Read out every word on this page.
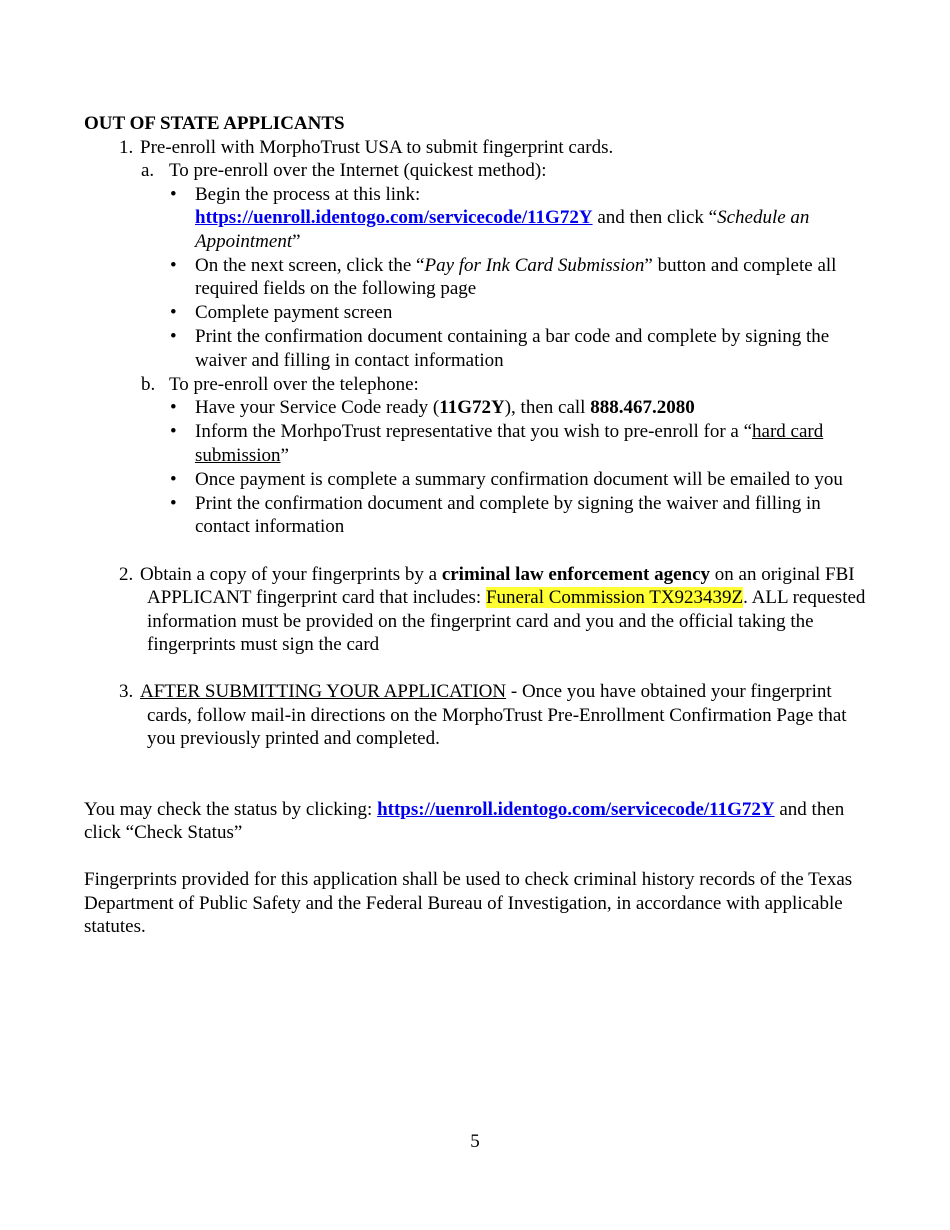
OUT OF STATE APPLICANTS

1. Pre-enroll with MorphoTrust USA to submit fingerprint cards.
a. To pre-enroll over the Internet (quickest method):
• Begin the process at this link:
https://uenroll.identogo.com/servicecode/11G72Y and then click “Schedule an Appointment”
• On the next screen, click the “Pay for Ink Card Submission” button and complete all required fields on the following page
• Complete payment screen
• Print the confirmation document containing a bar code and complete by signing the waiver and filling in contact information
b. To pre-enroll over the telephone:
• Have your Service Code ready (11G72Y), then call 888.467.2080
• Inform the MorhpoTrust representative that you wish to pre-enroll for a “hard card submission”
• Once payment is complete a summary confirmation document will be emailed to you
• Print the confirmation document and complete by signing the waiver and filling in contact information
2. Obtain a copy of your fingerprints by a criminal law enforcement agency on an original FBI APPLICANT fingerprint card that includes: Funeral Commission TX923439Z. ALL requested information must be provided on the fingerprint card and you and the official taking the fingerprints must sign the card
3. AFTER SUBMITTING YOUR APPLICATION - Once you have obtained your fingerprint cards, follow mail-in directions on the MorphoTrust Pre-Enrollment Confirmation Page that you previously printed and completed.

You may check the status by clicking: https://uenroll.identogo.com/servicecode/11G72Y and then click “Check Status”

Fingerprints provided for this application shall be used to check criminal history records of the Texas Department of Public Safety and the Federal Bureau of Investigation, in accordance with applicable statutes.

5
